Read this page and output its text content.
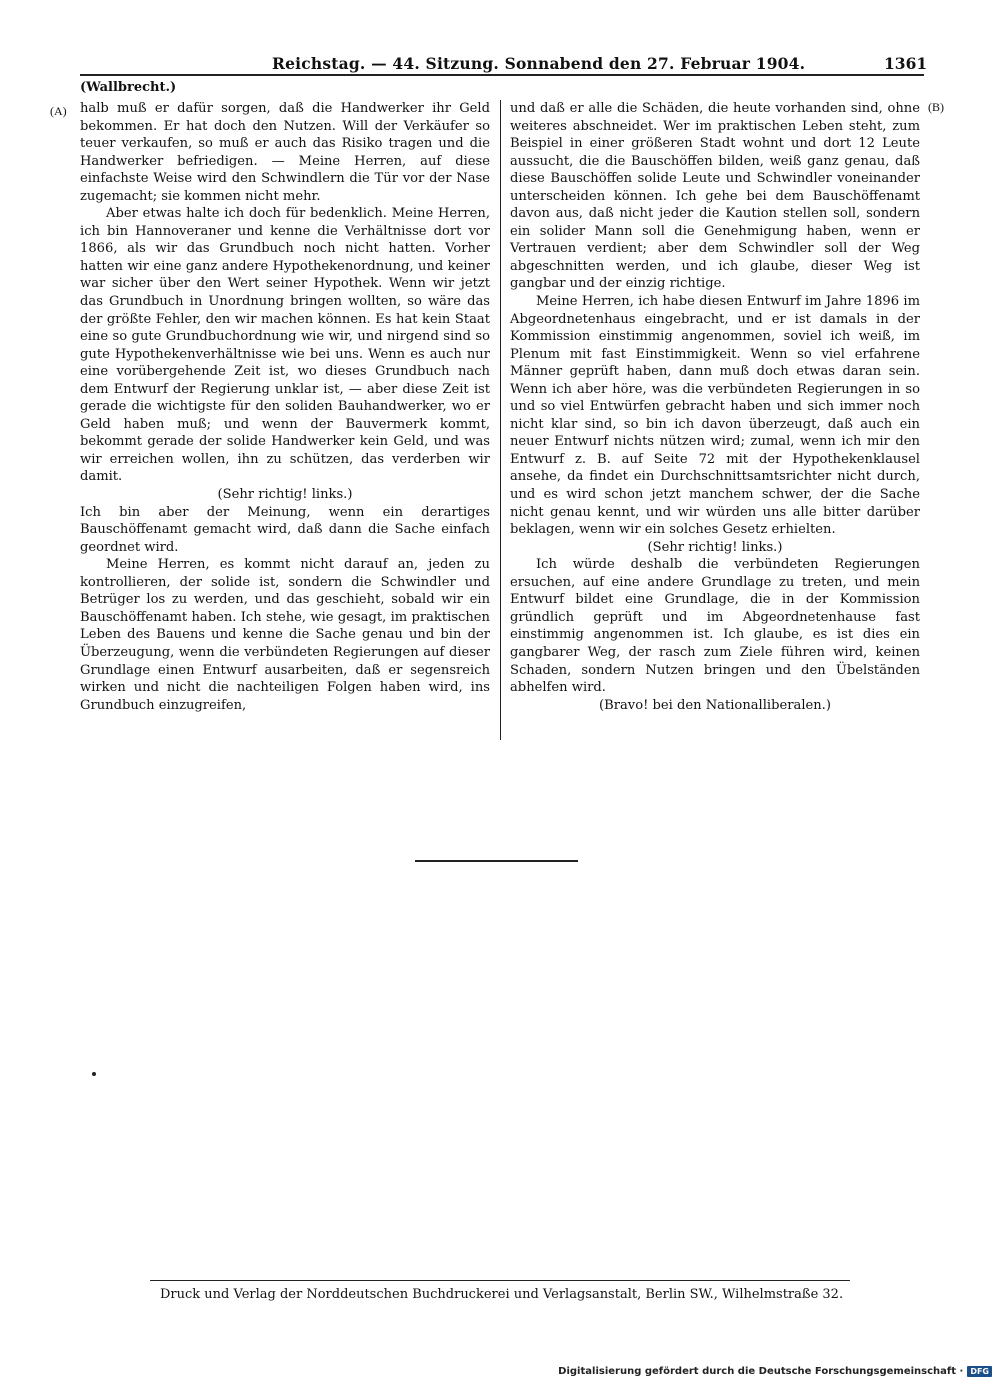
Reichstag. — 44. Sitzung. Sonnabend den 27. Februar 1904.	1361
(Wallbrecht.)
(A)	(B)

halb muß er dafür sorgen, daß die Handwerker ihr Geld bekommen. Er hat doch den Nutzen. Will der Verkäufer so teuer verkaufen, so muß er auch das Risiko tragen und die Handwerker befriedigen. — Meine Herren, auf diese einfachste Weise wird den Schwindlern die Tür vor der Nase zugemacht; sie kommen nicht mehr.

Aber etwas halte ich doch für bedenklich. Meine Herren, ich bin Hannoveraner und kenne die Verhältnisse dort vor 1866, als wir das Grundbuch noch nicht hatten. Vorher hatten wir eine ganz andere Hypothekenordnung, und keiner war sicher über den Wert seiner Hypothek. Wenn wir jetzt das Grundbuch in Unordnung bringen wollten, so wäre das der größte Fehler, den wir machen können. Es hat kein Staat eine so gute Grundbuchordnung wie wir, und nirgend sind so gute Hypothekenverhältnisse wie bei uns. Wenn es auch nur eine vorübergehende Zeit ist, wo dieses Grundbuch nach dem Entwurf der Regierung unklar ist, — aber diese Zeit ist gerade die wichtigste für den soliden Bauhandwerker, wo er Geld haben muß; und wenn der Bauvermerk kommt, bekommt gerade der solide Handwerker kein Geld, und was wir erreichen wollen, ihn zu schützen, das verderben wir damit.

(Sehr richtig! links.)

Ich bin aber der Meinung, wenn ein derartiges Bauschöffenamt gemacht wird, daß dann die Sache einfach geordnet wird.

Meine Herren, es kommt nicht darauf an, jeden zu kontrollieren, der solide ist, sondern die Schwindler und Betrüger los zu werden, und das geschieht, sobald wir ein Bauschöffenamt haben. Ich stehe, wie gesagt, im praktischen Leben des Bauens und kenne die Sache genau und bin der Überzeugung, wenn die verbündeten Regierungen auf dieser Grundlage einen Entwurf ausarbeiten, daß er segensreich wirken und nicht die nachteiligen Folgen haben wird, ins Grundbuch einzugreifen,

und daß er alle die Schäden, die heute vorhanden sind, ohne weiteres abschneidet. Wer im praktischen Leben steht, zum Beispiel in einer größeren Stadt wohnt und dort 12 Leute aussucht, die die Bauschöffen bilden, weiß ganz genau, daß diese Bauschöffen solide Leute und Schwindler voneinander unterscheiden können. Ich gehe bei dem Bauschöffenamt davon aus, daß nicht jeder die Kaution stellen soll, sondern ein solider Mann soll die Genehmigung haben, wenn er Vertrauen verdient; aber dem Schwindler soll der Weg abgeschnitten werden, und ich glaube, dieser Weg ist gangbar und der einzig richtige.

Meine Herren, ich habe diesen Entwurf im Jahre 1896 im Abgeordnetenhaus eingebracht, und er ist damals in der Kommission einstimmig angenommen, soviel ich weiß, im Plenum mit fast Einstimmigkeit. Wenn so viel erfahrene Männer geprüft haben, dann muß doch etwas daran sein. Wenn ich aber höre, was die verbündeten Regierungen in so und so viel Entwürfen gebracht haben und sich immer noch nicht klar sind, so bin ich davon überzeugt, daß auch ein neuer Entwurf nichts nützen wird; zumal, wenn ich mir den Entwurf z. B. auf Seite 72 mit der Hypothekenklausel ansehe, da findet ein Durchschnittsamtsrichter nicht durch, und es wird schon jetzt manchem schwer, der die Sache nicht genau kennt, und wir würden uns alle bitter darüber beklagen, wenn wir ein solches Gesetz erhielten.

(Sehr richtig! links.)

Ich würde deshalb die verbündeten Regierungen ersuchen, auf eine andere Grundlage zu treten, und mein Entwurf bildet eine Grundlage, die in der Kommission gründlich geprüft und im Abgeordnetenhause fast einstimmig angenommen ist. Ich glaube, es ist dies ein gangbarer Weg, der rasch zum Ziele führen wird, keinen Schaden, sondern Nutzen bringen und den Übelständen abhelfen wird.

(Bravo! bei den Nationalliberalen.)

Druck und Verlag der Norddeutschen Buchdruckerei und Verlagsanstalt, Berlin SW., Wilhelmstraße 32.
Digitalisierung gefördert durch die Deutsche Forschungsgemeinschaft · DFG
